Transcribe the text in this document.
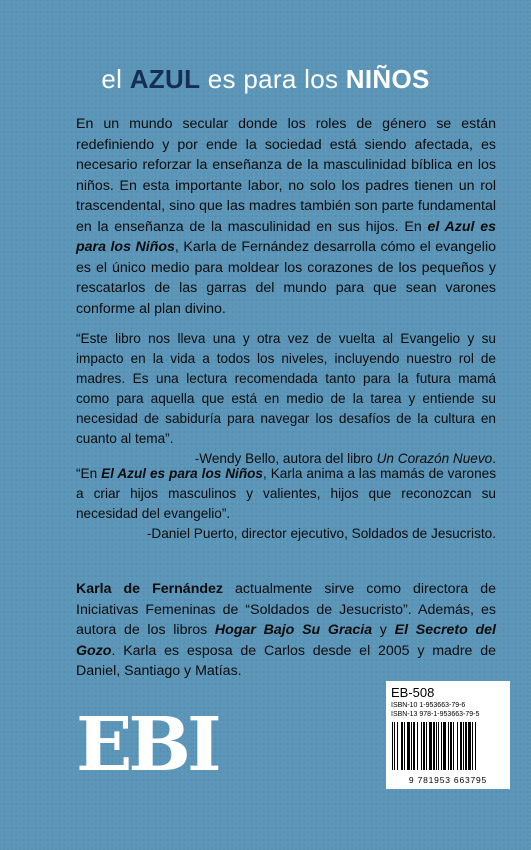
el AZUL es para los NIÑOS
En un mundo secular donde los roles de género se están redefiniendo y por ende la sociedad está siendo afectada, es necesario reforzar la enseñanza de la masculinidad bíblica en los niños. En esta importante labor, no solo los padres tienen un rol trascendental, sino que las madres también son parte fundamental en la enseñanza de la masculinidad en sus hijos. En el Azul es para los Niños, Karla de Fernández desarrolla cómo el evangelio es el único medio para moldear los corazones de los pequeños y rescatarlos de las garras del mundo para que sean varones conforme al plan divino.
“Este libro nos lleva una y otra vez de vuelta al Evangelio y su impacto en la vida a todos los niveles, incluyendo nuestro rol de madres. Es una lectura recomendada tanto para la futura mamá como para aquella que está en medio de la tarea y entiende su necesidad de sabiduría para navegar los desafíos de la cultura en cuanto al tema”.
-Wendy Bello, autora del libro Un Corazón Nuevo.
“En El Azul es para los Niños, Karla anima a las mamás de varones a criar hijos masculinos y valientes, hijos que reconozcan su necesidad del evangelio”.
-Daniel Puerto, director ejecutivo, Soldados de Jesucristo.
Karla de Fernández actualmente sirve como directora de Iniciativas Femeninas de “Soldados de Jesucristo”. Además, es autora de los libros Hogar Bajo Su Gracia y El Secreto del Gozo. Karla es esposa de Carlos desde el 2005 y madre de Daniel, Santiago y Matías.
EBI
EB-508
ISBN-10 1-953663-79-6
ISBN-13 978-1-953663-79-5
9 781953 663795
